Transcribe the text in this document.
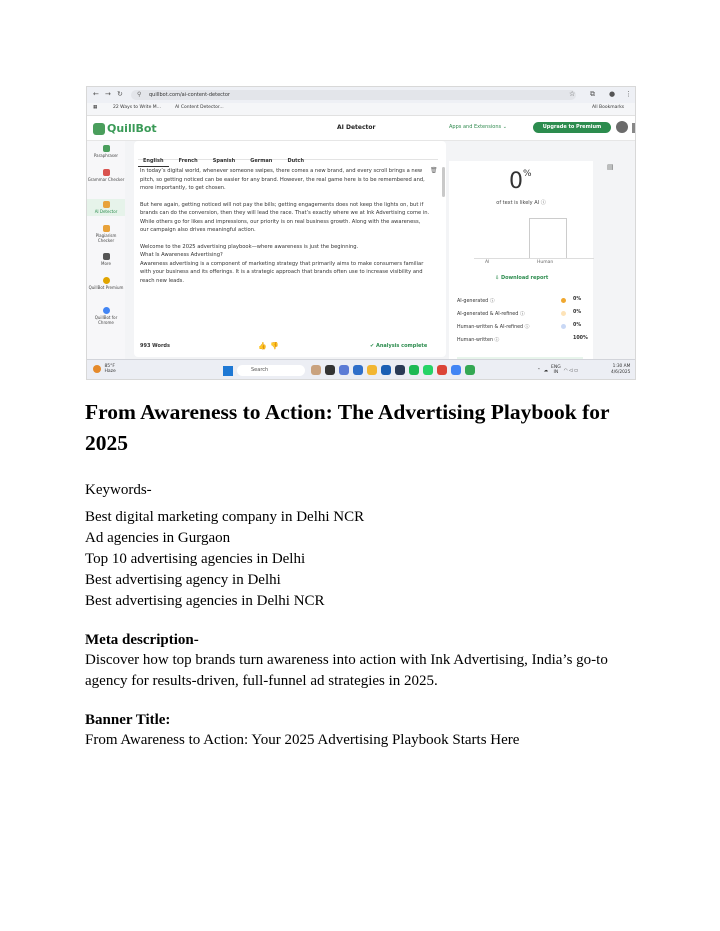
← → ↻ ⚲ quillbot.com/ai-content-detector	☆ ⧉ ● ⋮
▦	22 Ways to Write M...	AI Content Detector...	All Bookmarks
QuillBot	AI Detector	Apps and Extensions ⌄	Upgrade to Premium
Paraphraser
Grammar Checker
AI Detector
Plagiarism Checker
More
QuillBot Premium
QuillBot for Chrome
English	French	Spanish	German	Dutch
🗑

In today’s digital world, whenever someone swipes, there comes a new brand, and every scroll brings a new pitch, so getting noticed can be easier for any brand. However, the real game here is to be remembered and, more importantly, to get chosen.

But here again, getting noticed will not pay the bills; getting engagements does not keep the lights on, but if brands can do the conversion, then they will lead the race. That’s exactly where we at Ink Advertising come in. While others go for likes and impressions, our priority is on real business growth. Along with the awareness, our campaign also drives meaningful action.

Welcome to the 2025 advertising playbook—where awareness is just the beginning.
What Is Awareness Advertising?
Awareness advertising is a component of marketing strategy that primarily aims to make consumers familiar with your business and its offerings. It is a strategic approach that brands often use to increase visibility and reach new leads.

993 Words	👍 👎	✔ Analysis complete
0%
of text is likely AI ⓘ
AI	Human
⇩ Download report
AI-generated ⓘ	0%
AI-generated & AI-refined ⓘ	0%
Human-written & AI-refined ⓘ	0%
Human-written ⓘ	100%
▤
85°F
Haze	Search	⌃ ☁  ENG
IN ◠ ◁ ▭
1:30 AM
4/6/2025
From Awareness to Action: The Advertising Playbook for 2025

Keywords-

Best digital marketing company in Delhi NCR
Ad agencies in Gurgaon
Top 10 advertising agencies in Delhi
Best advertising agency in Delhi
Best advertising agencies in Delhi NCR

Meta description-

Discover how top brands turn awareness into action with Ink Advertising, India’s go-to agency for results-driven, full-funnel ad strategies in 2025.

Banner Title:

From Awareness to Action: Your 2025 Advertising Playbook Starts Here
